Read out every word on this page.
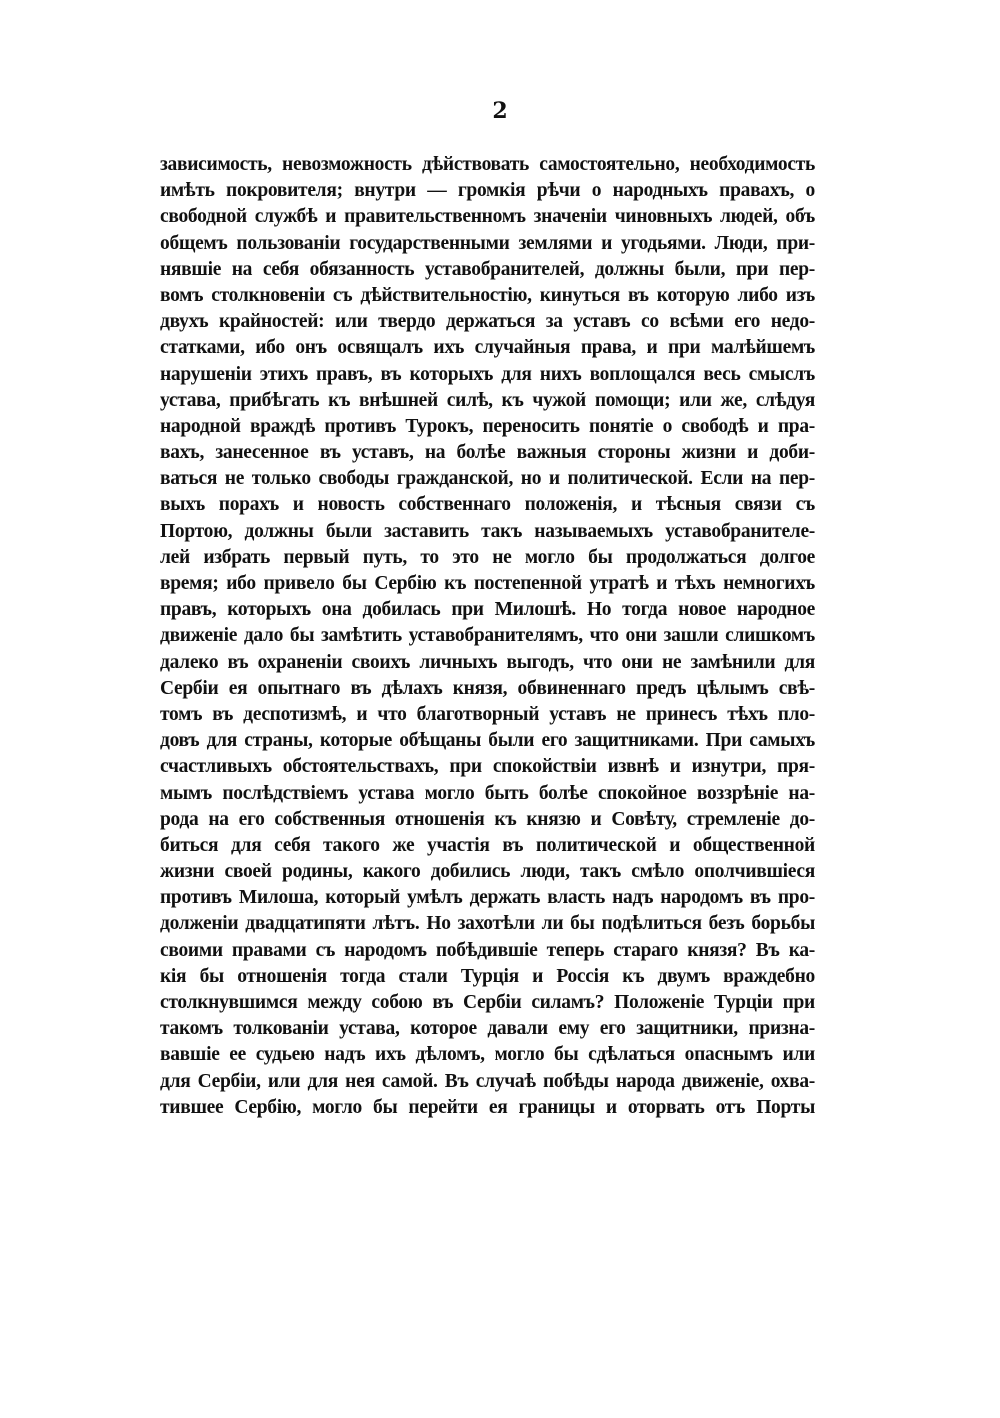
2
зависимость, невозможность дѣйствовать самостоятельно, необходимость
имѣть покровителя; внутри — громкія рѣчи о народныхъ правахъ, о
свободной службѣ и правительственномъ значеніи чиновныхъ людей, объ
общемъ пользованіи государственными землями и угодьями. Люди, при-
нявшіе на себя обязанность уставобранителей, должны были, при пер-
вомъ столкновеніи съ дѣйствительностію, кинуться въ которую либо изъ
двухъ крайностей: или твердо держаться за уставъ со всѣми его недо-
статками, ибо онъ освящалъ ихъ случайныя права, и при малѣйшемъ
нарушеніи этихъ правъ, въ которыхъ для нихъ воплощался весь смыслъ
устава, прибѣгать къ внѣшней силѣ, къ чужой помощи; или же, слѣдуя
народной враждѣ противъ Турокъ, переносить понятіе о свободѣ и пра-
вахъ, занесенное въ уставъ, на болѣе важныя стороны жизни и доби-
ваться не только свободы гражданской, но и политической. Если на пер-
выхъ порахъ и новость собственнаго положенія, и тѣсныя связи съ
Портою, должны были заставить такъ называемыхъ уставобранителе-
лей избрать первый путь, то это не могло бы продолжаться долгое
время; ибо привело бы Сербію къ постепенной утратѣ и тѣхъ немногихъ
правъ, которыхъ она добилась при Милошѣ. Но тогда новое народное
движеніе дало бы замѣтить уставобранителямъ, что они зашли слишкомъ
далеко въ охраненіи своихъ личныхъ выгодъ, что они не замѣнили для
Сербіи ея опытнаго въ дѣлахъ князя, обвиненнаго предъ цѣлымъ свѣ-
томъ въ деспотизмѣ, и что благотворный уставъ не принесъ тѣхъ пло-
довъ для страны, которые обѣщаны были его защитниками. При самыхъ
счастливыхъ обстоятельствахъ, при спокойствіи извнѣ и изнутри, пря-
мымъ послѣдствіемъ устава могло быть болѣе спокойное воззрѣніе на-
рода на его собственныя отношенія къ князю и Совѣту, стремленіе до-
биться для себя такого же участія въ политической и общественной
жизни своей родины, какого добились люди, такъ смѣло ополчившіеся
противъ Милоша, который умѣлъ держать власть надъ народомъ въ про-
долженіи двадцатипяти лѣтъ. Но захотѣли ли бы подѣлиться безъ борьбы
своими правами съ народомъ побѣдившіе теперь стараго князя? Въ ка-
кія бы отношенія тогда стали Турція и Россія къ двумъ враждебно
столкнувшимся между собою въ Сербіи силамъ? Положеніе Турціи при
такомъ толкованіи устава, которое давали ему его защитники, призна-
вавшіе ее судьею надъ ихъ дѣломъ, могло бы сдѣлаться опаснымъ или
для Сербіи, или для нея самой. Въ случаѣ побѣды народа движеніе, охва-
тившее Сербію, могло бы перейти ея границы и оторвать отъ Порты
